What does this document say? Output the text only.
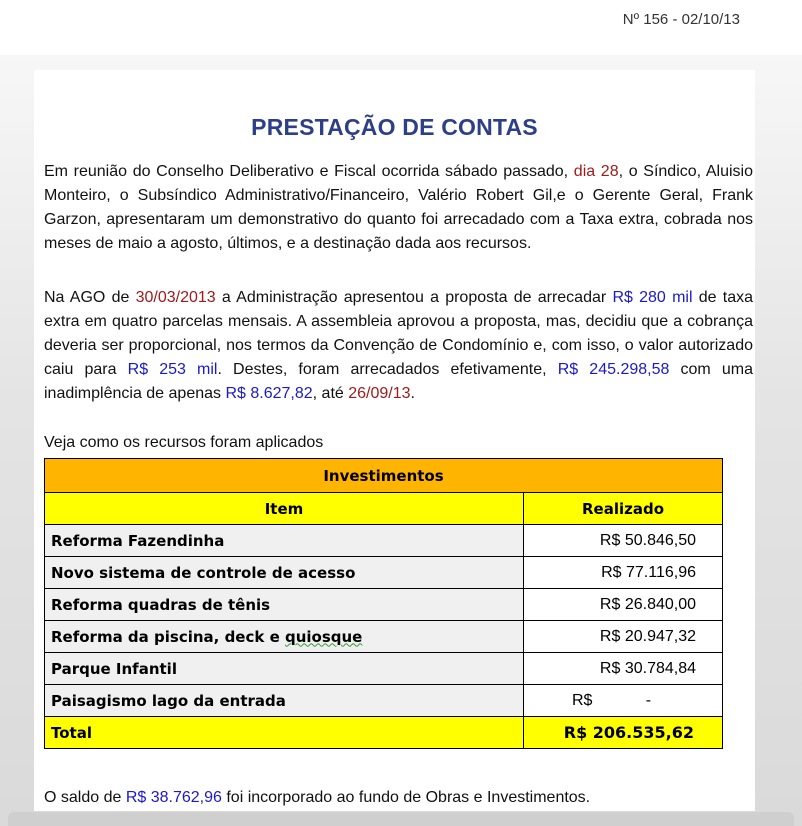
Nº 156 - 02/10/13
PRESTAÇÃO DE CONTAS

Em reunião do Conselho Deliberativo e Fiscal ocorrida sábado passado, dia 28, o Síndico, Aluisio Monteiro, o Subsíndico Administrativo/Financeiro, Valério Robert Gil,e o Gerente Geral, Frank Garzon, apresentaram um demonstrativo do quanto foi arrecadado com a Taxa extra, cobrada nos meses de maio a agosto, últimos, e a destinação dada aos recursos.

Na AGO de 30/03/2013 a Administração apresentou a proposta de arrecadar R$ 280 mil de taxa extra em quatro parcelas mensais. A assembleia aprovou a proposta, mas, decidiu que a cobrança deveria ser proporcional, nos termos da Convenção de Condomínio e, com isso, o valor autorizado caiu para R$ 253 mil. Destes, foram arrecadados efetivamente, R$ 245.298,58 com uma inadimplência de apenas R$ 8.627,82, até 26/09/13.

Veja como os recursos foram aplicados
Investimentos	
Item	Realizado
Reforma Fazendinha	R$ 50.846,50
Novo sistema de controle de acesso	R$ 77.116,96
Reforma quadras de tênis	R$ 26.840,00
Reforma da piscina, deck e quiosque	R$ 20.947,32
Parque Infantil	R$ 30.784,84
Paisagismo lago da entrada	R$            -
Total	R$ 206.535,62
O saldo de R$ 38.762,96 foi incorporado ao fundo de Obras e Investimentos.
